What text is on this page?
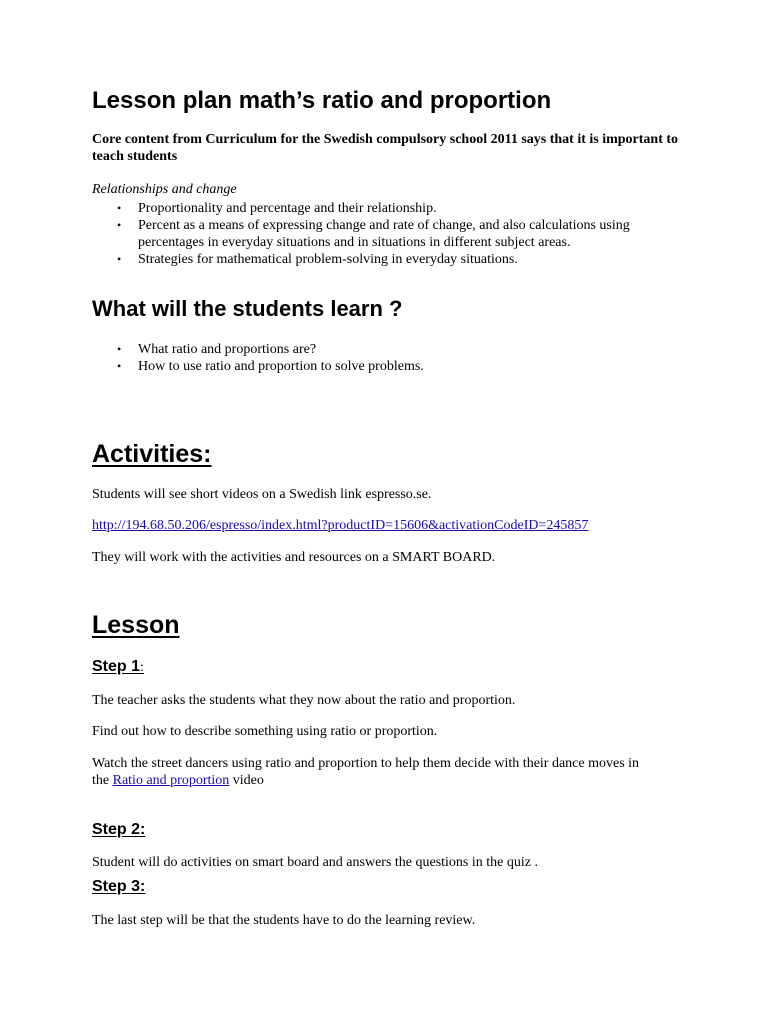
Lesson plan math’s ratio and proportion

Core content from Curriculum for the Swedish compulsory school 2011 says that it is important to teach students

Relationships and change

• Proportionality and percentage and their relationship.
• Percent as a means of expressing change and rate of change, and also calculations using percentages in everyday situations and in situations in different subject areas.
• Strategies for mathematical problem-solving in everyday situations.
What will the students learn ?
• What ratio and proportions are?
• How to use ratio and proportion to solve problems.
Activities:

Students will see short videos on a Swedish link espresso.se.

http://194.68.50.206/espresso/index.html?productID=15606&activationCodeID=245857

They will work with the activities and resources on a SMART BOARD.

Lesson
Step 1:

The teacher asks the students what they now about the ratio and proportion.

Find out how to describe something using ratio or proportion.

Watch the street dancers using ratio and proportion to help them decide with their dance moves in the Ratio and proportion video

Step 2:

Student will do activities on smart board and answers the questions in the quiz .

Step 3:

The last step will be that the students have to do the learning review.
